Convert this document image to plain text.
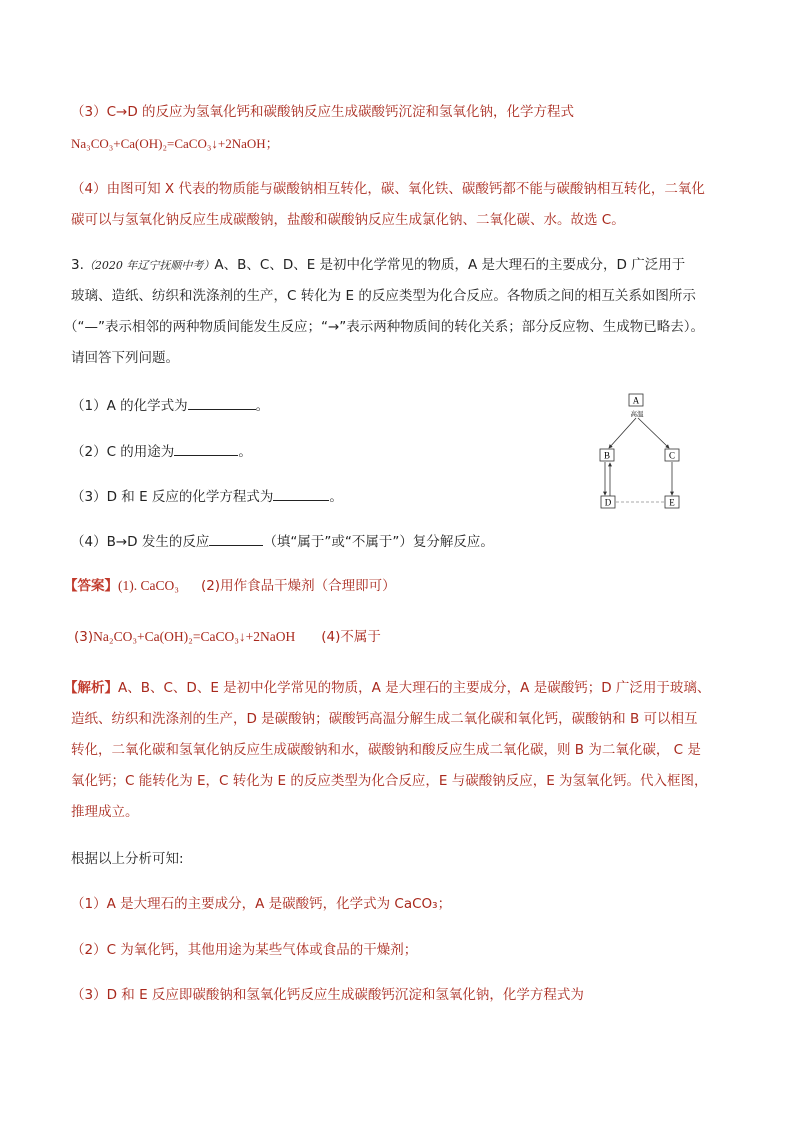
（3）C→D 的反应为氢氧化钙和碳酸钠反应生成碳酸钙沉淀和氢氧化钠，化学方程式
Na₃CO₃+Ca(OH)₂=CaCO₃↓+2NaOH；
（4）由图可知 X 代表的物质能与碳酸钠相互转化，碳、氧化铁、碳酸钙都不能与碳酸钠相互转化，二氧化
碳可以与氢氧化钠反应生成碳酸钠，盐酸和碳酸钠反应生成氯化钠、二氧化碳、水。故选 C。
3.（2020 年辽宁抚顺中考）A、B、C、D、E 是初中化学常见的物质，A 是大理石的主要成分，D 广泛用于
玻璃、造纸、纺织和洗涤剂的生产，C 转化为 E 的反应类型为化合反应。各物质之间的相互关系如图所示
（“—”表示相邻的两种物质间能发生反应；“→”表示两种物质间的转化关系；部分反应物、生成物已略去）。
请回答下列问题。
（1）A 的化学式为	。
（2）C 的用途为	。
（3）D 和 E 反应的化学方程式为	。
（4）B→D 发生的反应	（填“属于”或“不属于”）复分解反应。
A
高温
B	C
D	E
【答案】(1). CaCO₃ (2)用作食品干燥剂（合理即可）
(3)Na₂CO₃+Ca(OH)₂=CaCO₃↓+2NaOH (4)不属于
【解析】A、B、C、D、E 是初中化学常见的物质，A 是大理石的主要成分，A 是碳酸钙；D 广泛用于玻璃、
造纸、纺织和洗涤剂的生产，D 是碳酸钠；碳酸钙高温分解生成二氧化碳和氧化钙，碳酸钠和 B 可以相互
转化，二氧化碳和氢氧化钠反应生成碳酸钠和水，碳酸钠和酸反应生成二氧化碳，则 B 为二氧化碳， C 是
氧化钙；C 能转化为 E，C 转化为 E 的反应类型为化合反应，E 与碳酸钠反应，E 为氢氧化钙。代入框图，
推理成立。
根据以上分析可知:
（1）A 是大理石的主要成分，A 是碳酸钙，化学式为 CaCO₃；
（2）C 为氧化钙，其他用途为某些气体或食品的干燥剂；
（3）D 和 E 反应即碳酸钠和氢氧化钙反应生成碳酸钙沉淀和氢氧化钠，化学方程式为
